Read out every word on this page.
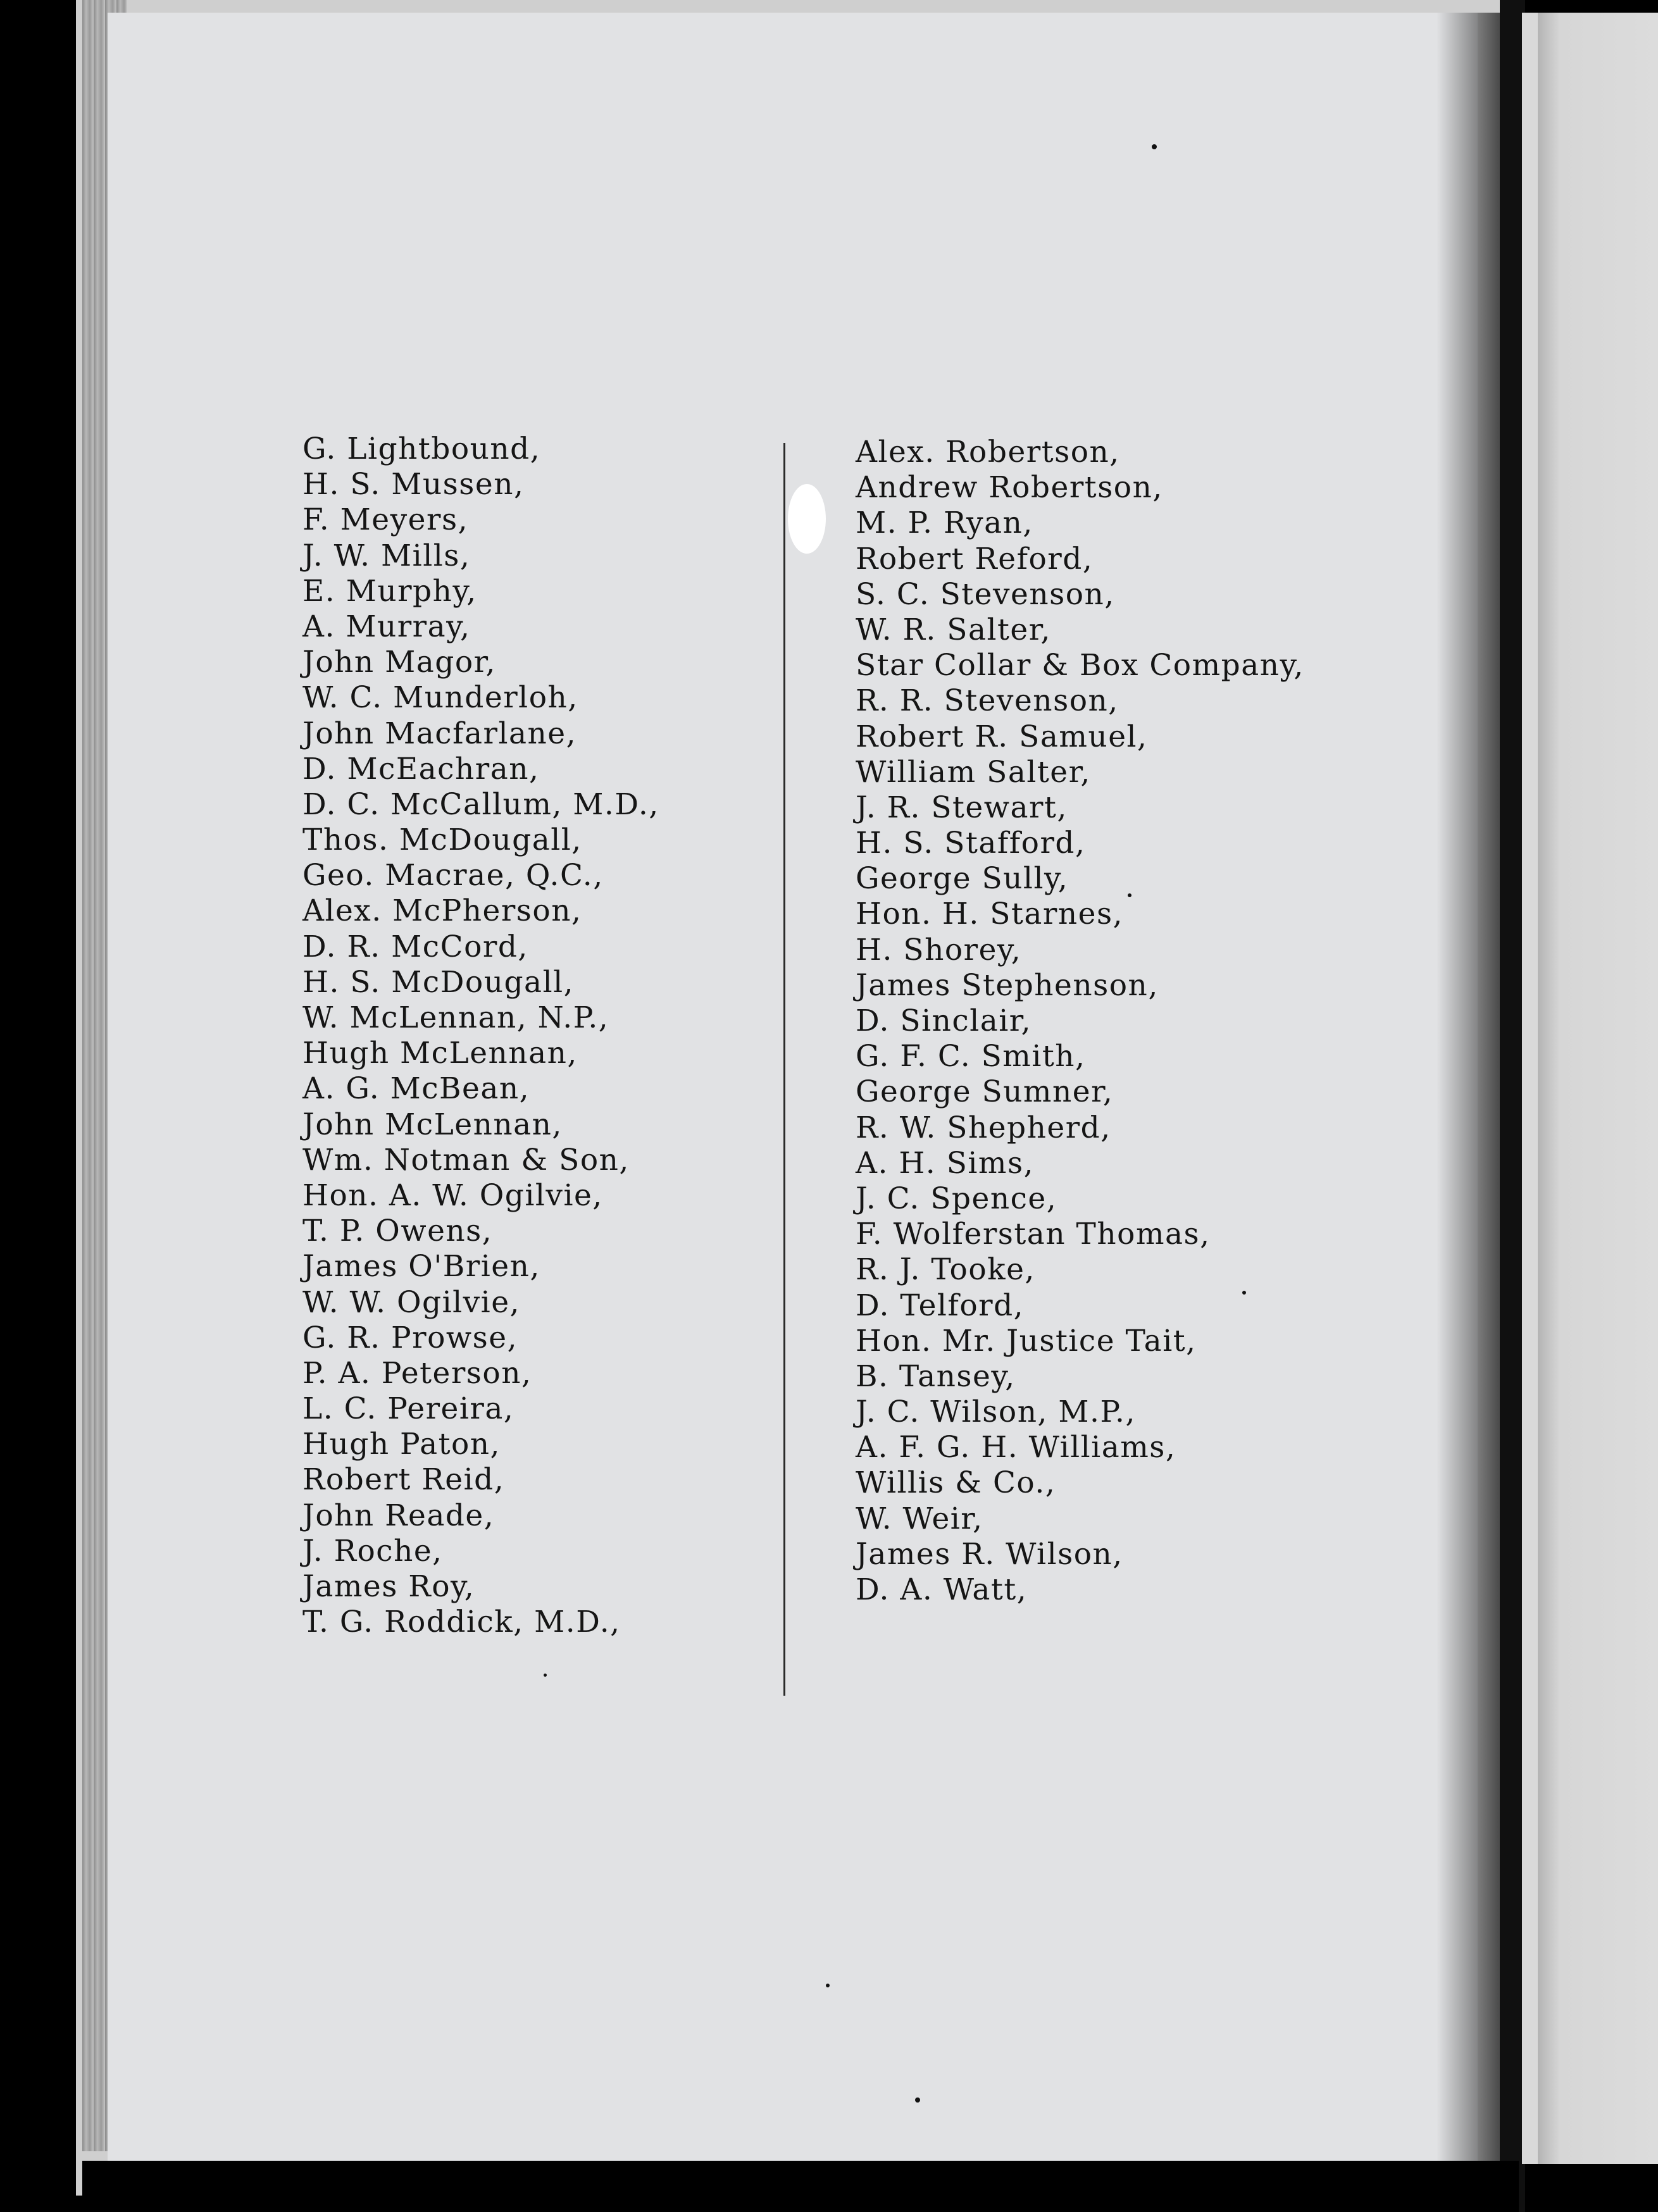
G. Lightbound,
H. S. Mussen,
F. Meyers,
J. W. Mills,
E. Murphy,
A. Murray,
John Magor,
W. C. Munderloh,
John Macfarlane,
D. McEachran,
D. C. McCallum, M.D.,
Thos. McDougall,
Geo. Macrae, Q.C.,
Alex. McPherson,
D. R. McCord,
H. S. McDougall,
W. McLennan, N.P.,
Hugh McLennan,
A. G. McBean,
John McLennan,
Wm. Notman & Son,
Hon. A. W. Ogilvie,
T. P. Owens,
James O'Brien,
W. W. Ogilvie,
G. R. Prowse,
P. A. Peterson,
L. C. Pereira,
Hugh Paton,
Robert Reid,
John Reade,
J. Roche,
James Roy,
T. G. Roddick, M.D.,
Alex. Robertson,
Andrew Robertson,
M. P. Ryan,
Robert Reford,
S. C. Stevenson,
W. R. Salter,
Star Collar & Box Company,
R. R. Stevenson,
Robert R. Samuel,
William Salter,
J. R. Stewart,
H. S. Stafford,
George Sully,
Hon. H. Starnes,
H. Shorey,
James Stephenson,
D. Sinclair,
G. F. C. Smith,
George Sumner,
R. W. Shepherd,
A. H. Sims,
J. C. Spence,
F. Wolferstan Thomas,
R. J. Tooke,
D. Telford,
Hon. Mr. Justice Tait,
B. Tansey,
J. C. Wilson, M.P.,
A. F. G. H. Williams,
Willis & Co.,
W. Weir,
James R. Wilson,
D. A. Watt,
